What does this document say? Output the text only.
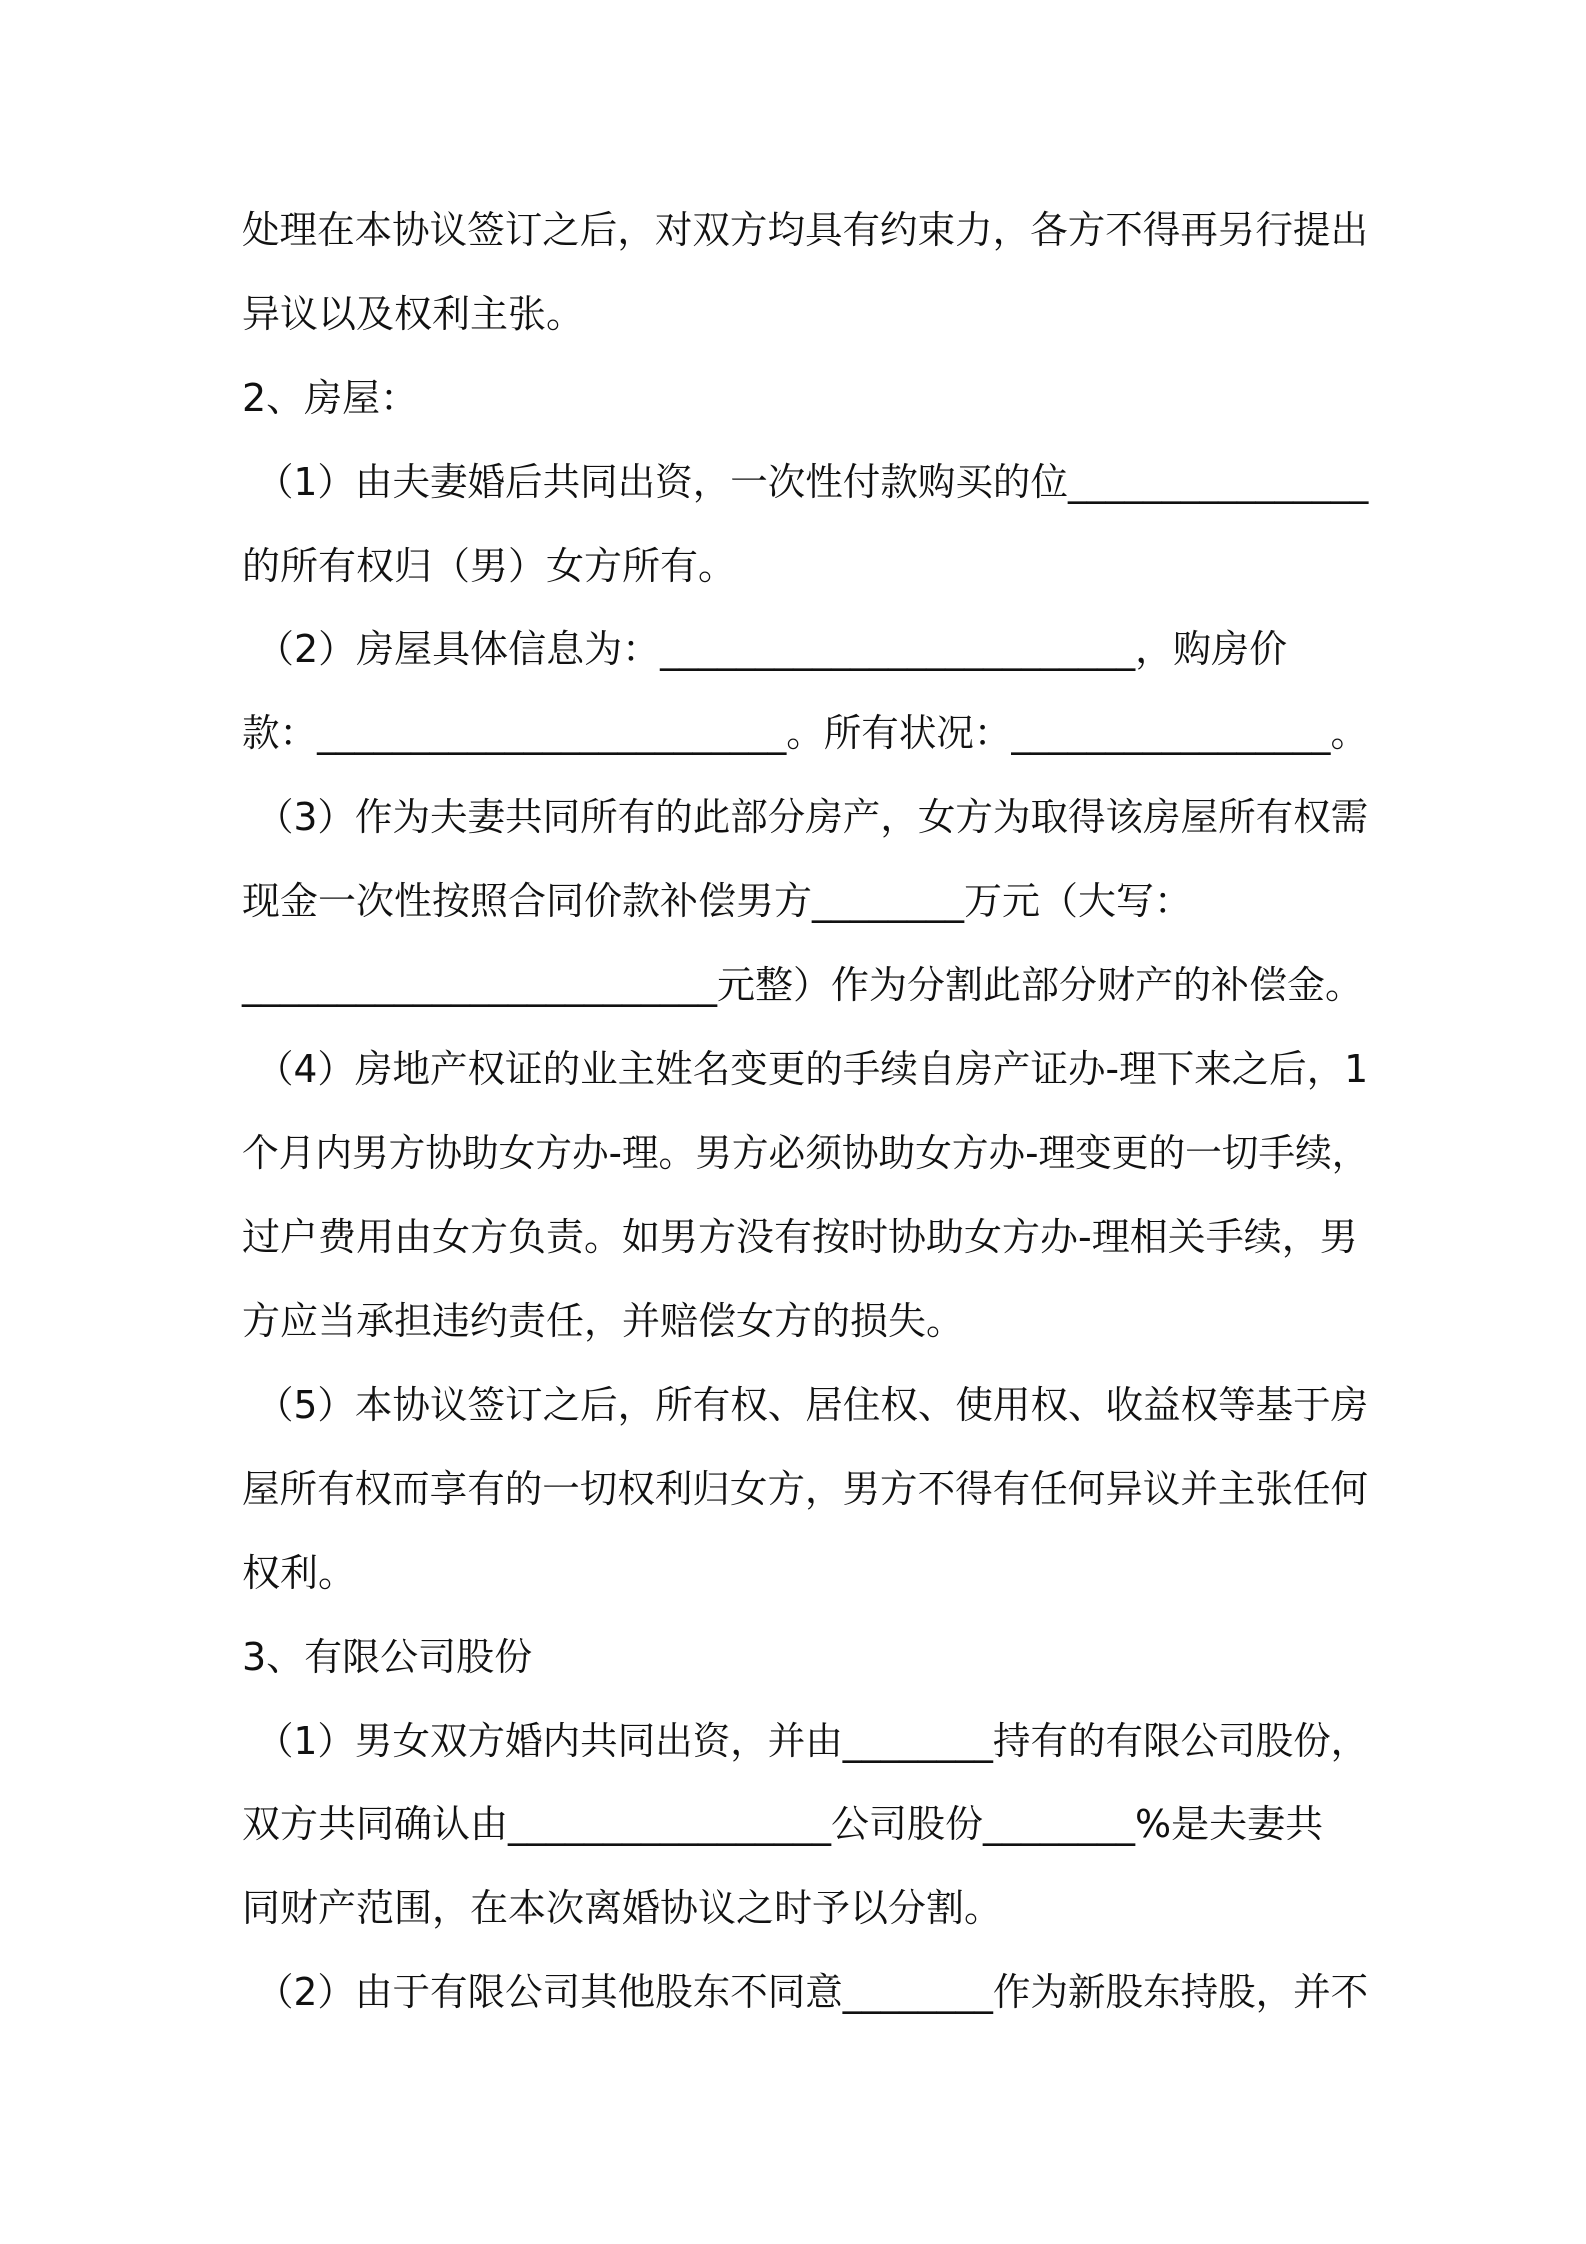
处理在本协议签订之后，对双方均具有约束力，各方不得再另行提出
异议以及权利主张。
2、房屋：
（1）由夫妻婚后共同出资，一次性付款购买的位________________
的所有权归（男）女方所有。
（2）房屋具体信息为：_________________________，购房价
款：_________________________。所有状况：_________________。
（3）作为夫妻共同所有的此部分房产，女方为取得该房屋所有权需
现金一次性按照合同价款补偿男方________万元（大写：
_________________________元整）作为分割此部分财产的补偿金。
（4）房地产权证的业主姓名变更的手续自房产证办-理下来之后，1
个月内男方协助女方办-理。男方必须协助女方办-理变更的一切手续，
过户费用由女方负责。如男方没有按时协助女方办-理相关手续，男
方应当承担违约责任，并赔偿女方的损失。
（5）本协议签订之后，所有权、居住权、使用权、收益权等基于房
屋所有权而享有的一切权利归女方，男方不得有任何异议并主张任何
权利。
3、有限公司股份
（1）男女双方婚内共同出资，并由________持有的有限公司股份，
双方共同确认由_________________公司股份________%是夫妻共
同财产范围，在本次离婚协议之时予以分割。
（2）由于有限公司其他股东不同意________作为新股东持股，并不
